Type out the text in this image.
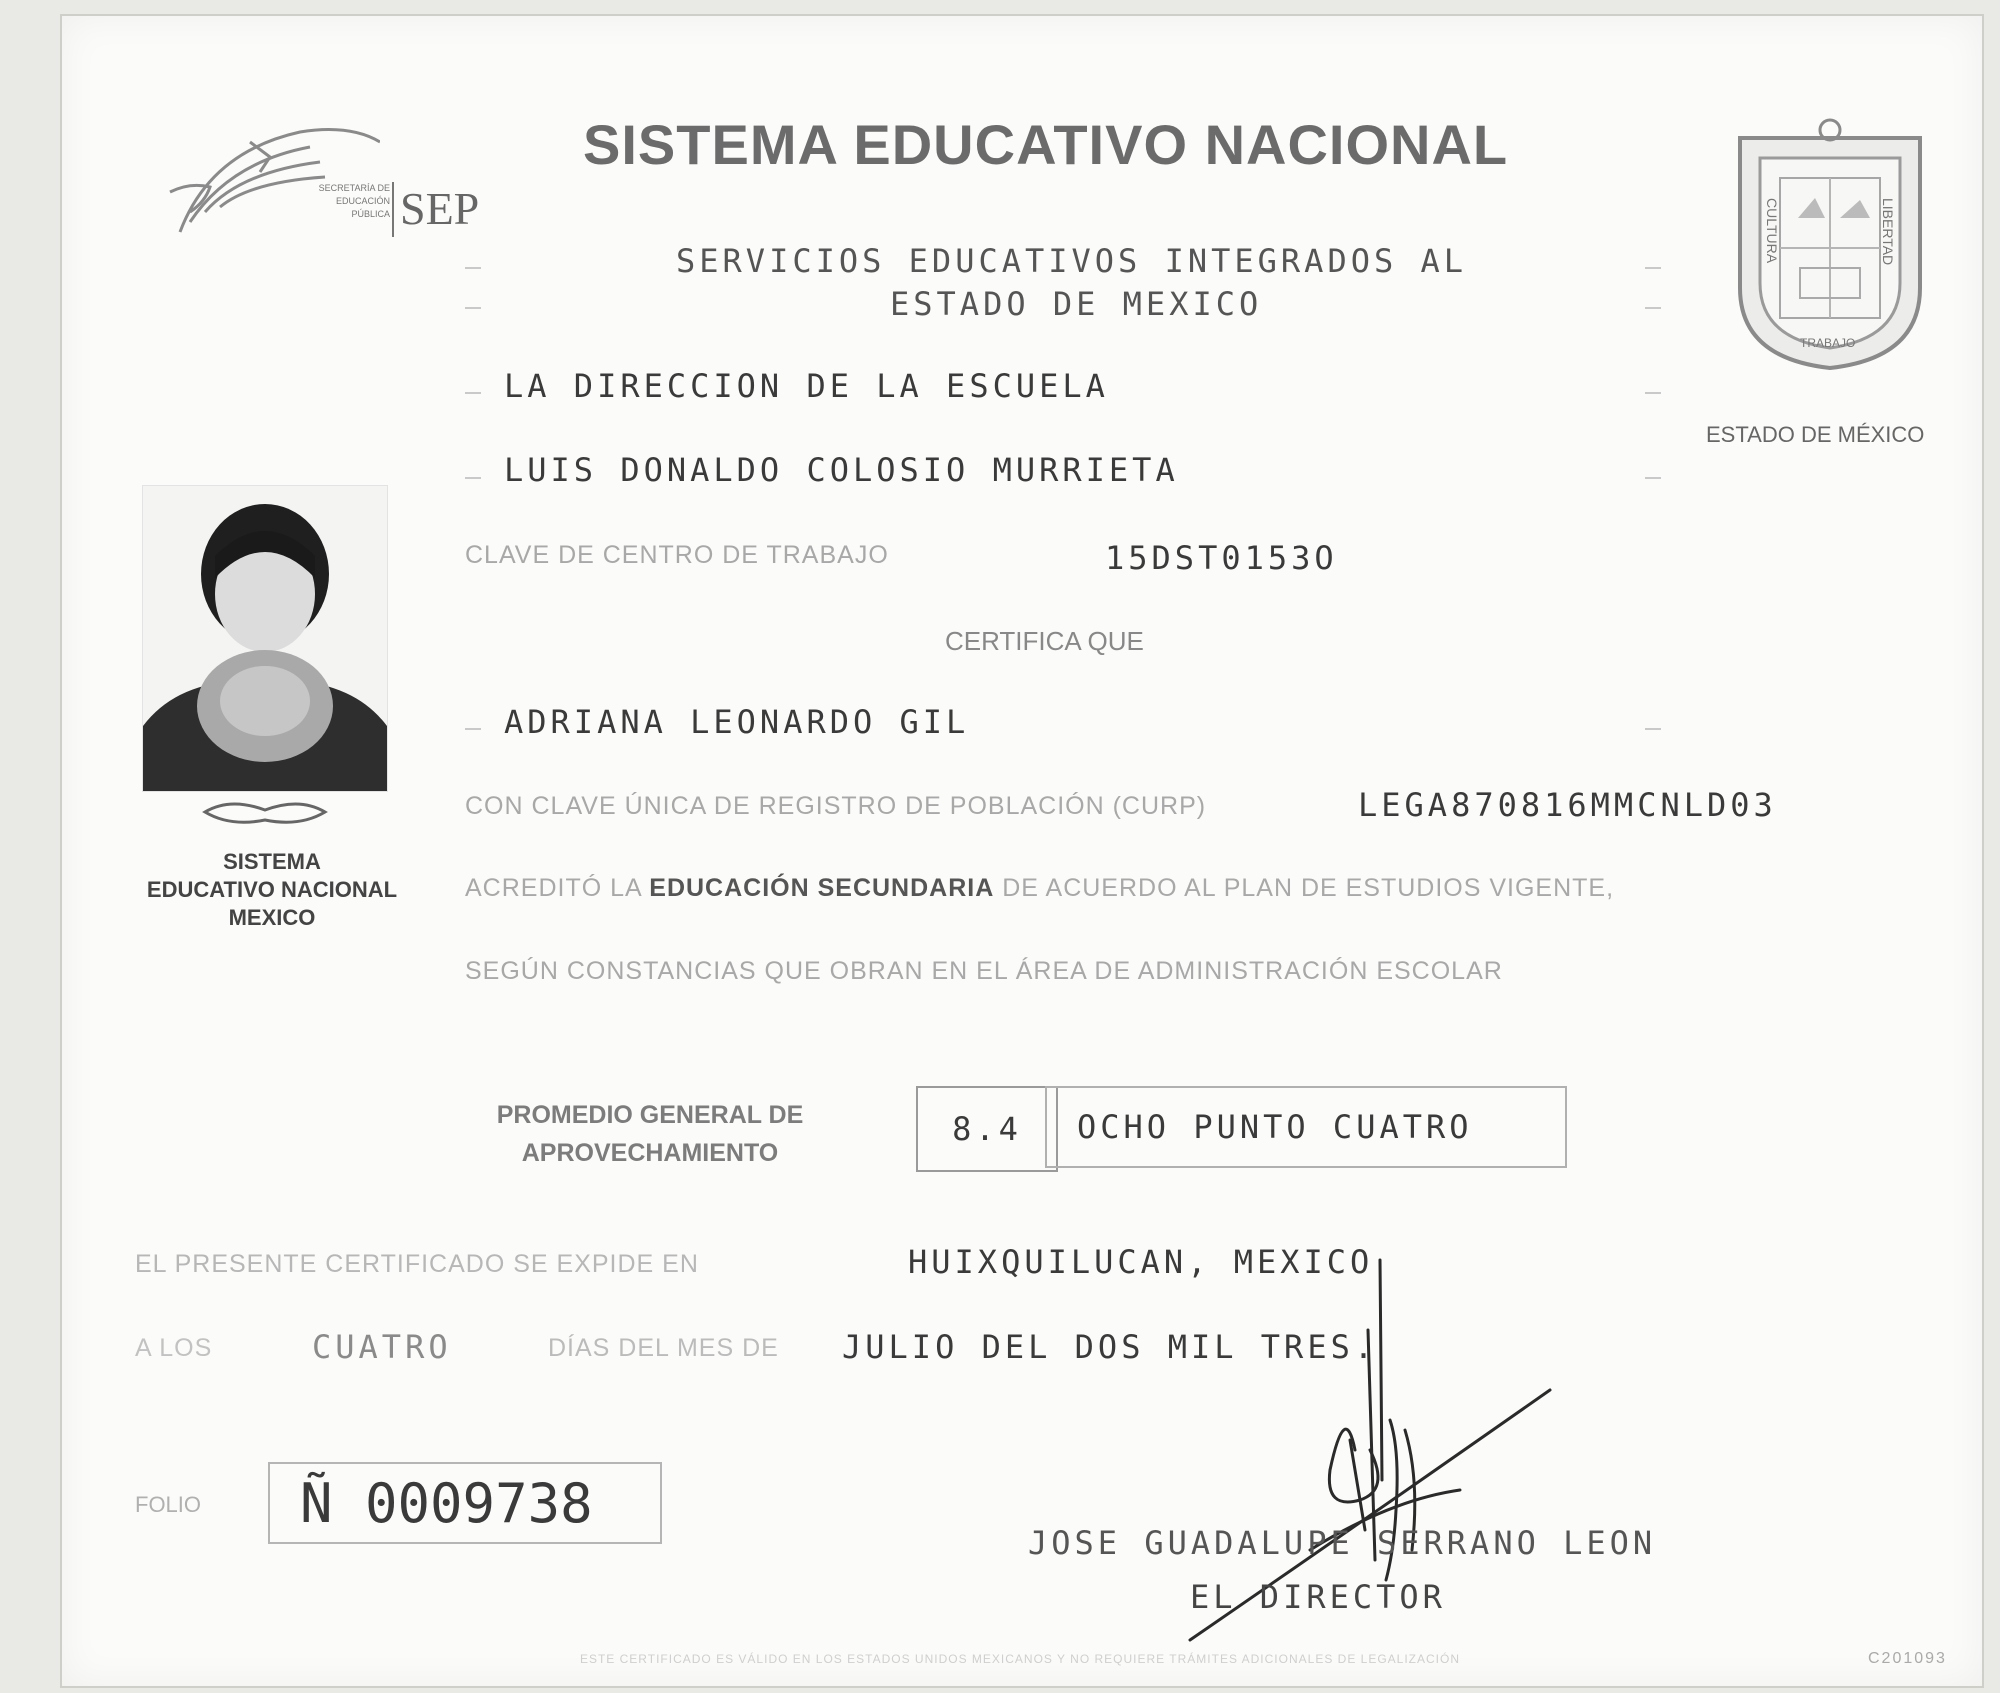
SECRETARÍA DE
EDUCACIÓN
PÚBLICA SEP
SISTEMA EDUCATIVO NACIONAL
SERVICIOS EDUCATIVOS INTEGRADOS AL
ESTADO DE MEXICO
LIBERTAD
CULTURA
TRABAJO
ESTADO DE MÉXICO
LA DIRECCION DE LA ESCUELA
LUIS DONALDO COLOSIO MURRIETA
CLAVE DE CENTRO DE TRABAJO	15DST0153O
SISTEMA
EDUCATIVO NACIONAL
MEXICO
CERTIFICA QUE
ADRIANA LEONARDO GIL
CON CLAVE ÚNICA DE REGISTRO DE POBLACIÓN (CURP)	LEGA870816MMCNLD03
ACREDITÓ LA EDUCACIÓN SECUNDARIA DE ACUERDO AL PLAN DE ESTUDIOS VIGENTE,
SEGÚN CONSTANCIAS QUE OBRAN EN EL ÁREA DE ADMINISTRACIÓN ESCOLAR
PROMEDIO GENERAL DE APROVECHAMIENTO
8.4	OCHO PUNTO CUATRO
EL PRESENTE CERTIFICADO SE EXPIDE EN	HUIXQUILUCAN, MEXICO
A LOS	CUATRO	DÍAS DEL MES DE JULIO DEL DOS MIL TRES.
FOLIO	Ñ 0009738
JOSE GUADALUPE SERRANO LEON
EL DIRECTOR
ESTE CERTIFICADO ES VÁLIDO EN LOS ESTADOS UNIDOS MEXICANOS Y NO REQUIERE TRÁMITES ADICIONALES DE LEGALIZACIÓN	C201093
